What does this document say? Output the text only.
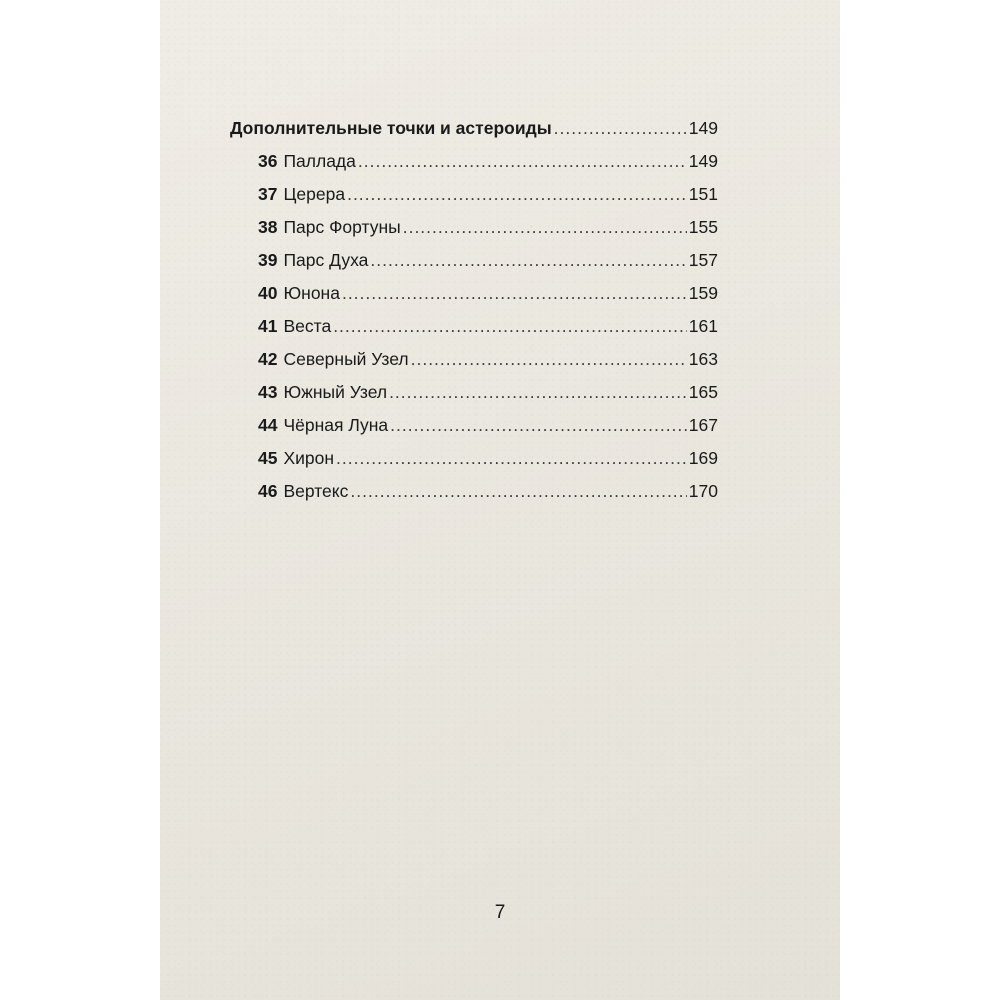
Дополнительные точки и астероиды .....	149
36 Паллада .....	149
37 Церера .....	151
38 Парс Фортуны .....	155
39 Парс Духа .....	157
40 Юнона .....	159
41 Веста .....	161
42 Северный Узел .....	163
43 Южный Узел .....	165
44 Чёрная Луна .....	167
45 Хирон .....	169
46 Вертекс .....	170
7
